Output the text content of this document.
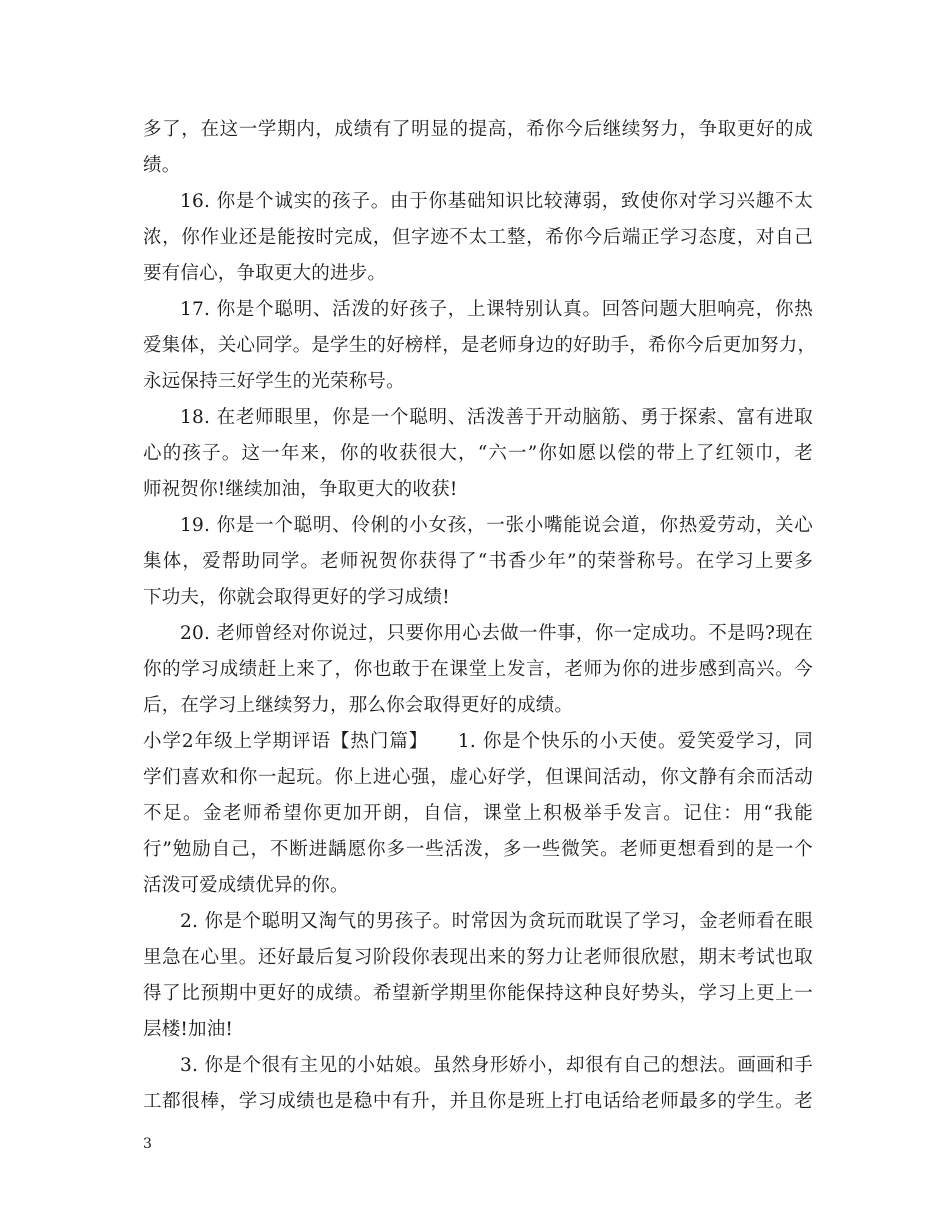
多了，在这一学期内，成绩有了明显的提高，希你今后继续努力，争取更好的成
绩。
16. 你是个诚实的孩子。由于你基础知识比较薄弱，致使你对学习兴趣不太
浓，你作业还是能按时完成，但字迹不太工整，希你今后端正学习态度，对自己
要有信心，争取更大的进步。
17. 你是个聪明、活泼的好孩子，上课特别认真。回答问题大胆响亮，你热
爱集体，关心同学。是学生的好榜样，是老师身边的好助手，希你今后更加努力，
永远保持三好学生的光荣称号。
18. 在老师眼里，你是一个聪明、活泼善于开动脑筋、勇于探索、富有进取
心的孩子。这一年来，你的收获很大，“六一”你如愿以偿的带上了红领巾，老
师祝贺你!继续加油，争取更大的收获!
19. 你是一个聪明、伶俐的小女孩，一张小嘴能说会道，你热爱劳动，关心
集体，爱帮助同学。老师祝贺你获得了“书香少年”的荣誉称号。在学习上要多
下功夫，你就会取得更好的学习成绩!
20. 老师曾经对你说过，只要你用心去做一件事，你一定成功。不是吗?现在
你的学习成绩赶上来了，你也敢于在课堂上发言，老师为你的进步感到高兴。今
后，在学习上继续努力，那么你会取得更好的成绩。
小学2年级上学期评语【热门篇】　　1. 你是个快乐的小天使。爱笑爱学习，同
学们喜欢和你一起玩。你上进心强，虚心好学，但课间活动，你文静有余而活动
不足。金老师希望你更加开朗，自信，课堂上积极举手发言。记住：用“我能
行”勉励自己，不断进龋愿你多一些活泼，多一些微笑。老师更想看到的是一个
活泼可爱成绩优异的你。
2. 你是个聪明又淘气的男孩子。时常因为贪玩而耽误了学习，金老师看在眼
里急在心里。还好最后复习阶段你表现出来的努力让老师很欣慰，期末考试也取
得了比预期中更好的成绩。希望新学期里你能保持这种良好势头，学习上更上一
层楼!加油!
3. 你是个很有主见的小姑娘。虽然身形娇小，却很有自己的想法。画画和手
工都很棒，学习成绩也是稳中有升，并且你是班上打电话给老师最多的学生。老
3
